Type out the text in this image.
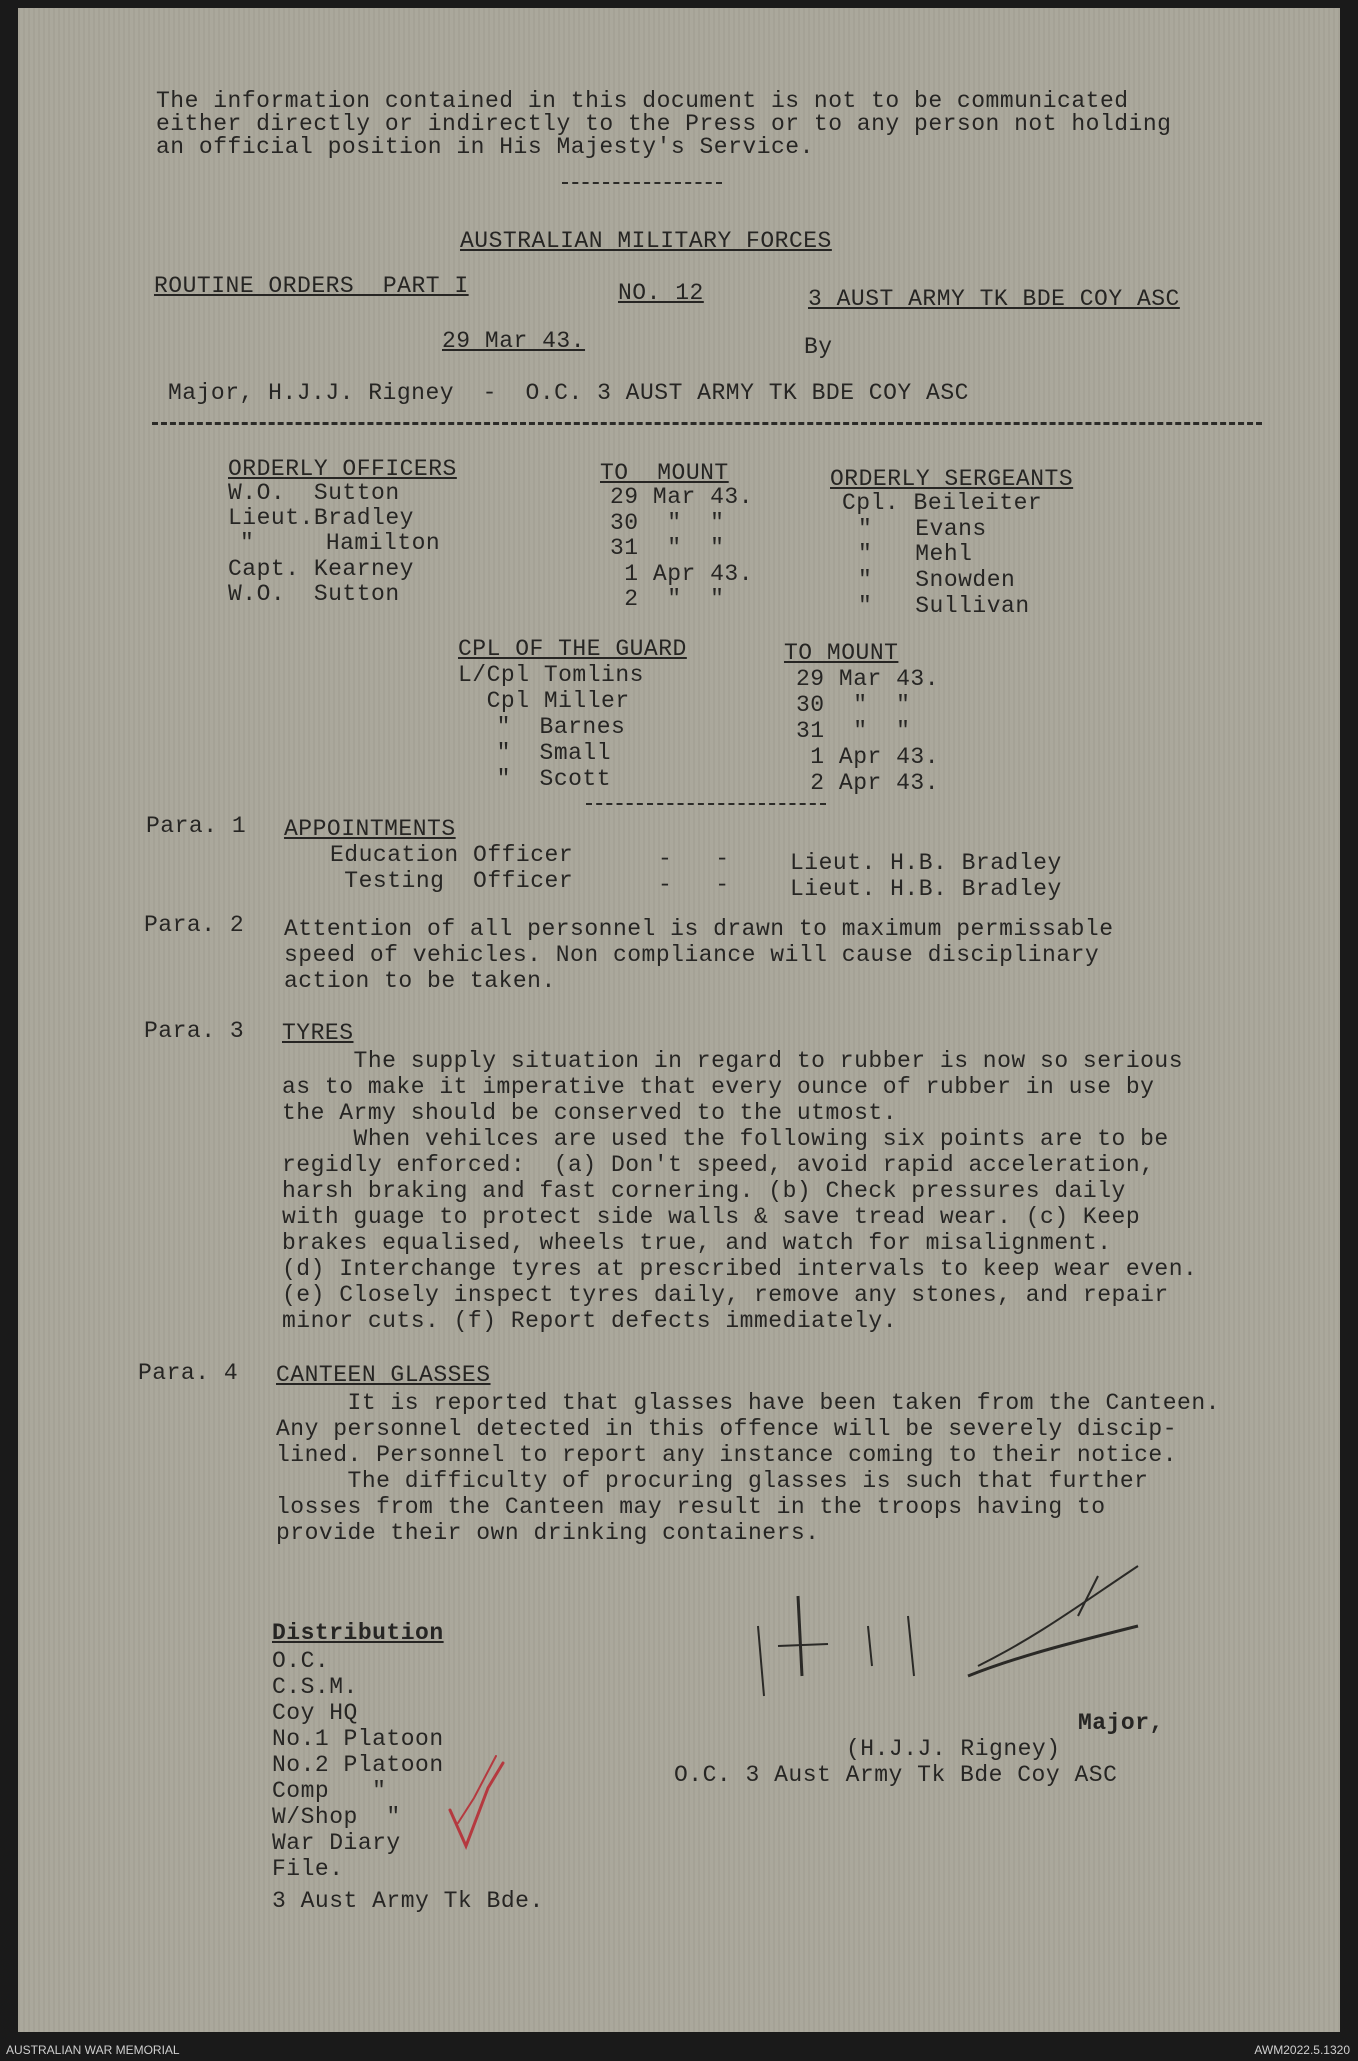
The information contained in this document is not to be communicated
either directly or indirectly to the Press or to any person not holding
an official position in His Majesty's Service.
AUSTRALIAN MILITARY FORCES
ROUTINE ORDERS  PART I	NO. 12	3 AUST ARMY TK BDE COY ASC
29 Mar 43.	By
Major, H.J.J. Rigney  -  O.C. 3 AUST ARMY TK BDE COY ASC
ORDERLY OFFICERS	TO  MOUNT	ORDERLY SERGEANTS
W.O.  Sutton	29 Mar 43.	Cpl. Beileiter
Lieut.Bradley	30  "  "	"   Evans
"     Hamilton	31  "  "	"   Mehl
Capt. Kearney	1 Apr 43.	"   Snowden
W.O.  Sutton	2  "  "	"   Sullivan
CPL OF THE GUARD	TO MOUNT
L/Cpl Tomlins	29 Mar 43.
Cpl Miller	30  "  "
"  Barnes	31  "  "
"  Small	1 Apr 43.
"  Scott	2 Apr 43.
Para. 1 APPOINTMENTS
Education Officer	-   -	Lieut. H.B. Bradley
Testing  Officer	-   -	Lieut. H.B. Bradley
Para. 2 Attention of all personnel is drawn to maximum permissable
speed of vehicles. Non compliance will cause disciplinary
action to be taken.
Para. 3 TYRES
The supply situation in regard to rubber is now so serious
as to make it imperative that every ounce of rubber in use by
the Army should be conserved to the utmost.
When vehilces are used the following six points are to be
regidly enforced:  (a) Don't speed, avoid rapid acceleration,
harsh braking and fast cornering. (b) Check pressures daily
with guage to protect side walls & save tread wear. (c) Keep
brakes equalised, wheels true, and watch for misalignment.
(d) Interchange tyres at prescribed intervals to keep wear even.
(e) Closely inspect tyres daily, remove any stones, and repair
minor cuts. (f) Report defects immediately.
Para. 4 CANTEEN GLASSES
It is reported that glasses have been taken from the Canteen.
Any personnel detected in this offence will be severely discip-
lined. Personnel to report any instance coming to their notice.
The difficulty of procuring glasses is such that further
losses from the Canteen may result in the troops having to
provide their own drinking containers.
Distribution
O.C.
C.S.M.
Coy HQ
No.1 Platoon
No.2 Platoon
Comp   "
W/Shop  "
War Diary
File.
3 Aust Army Tk Bde.
Major,
(H.J.J. Rigney)
O.C. 3 Aust Army Tk Bde Coy ASC
AUSTRALIAN WAR MEMORIAL	AWM2022.5.1320
